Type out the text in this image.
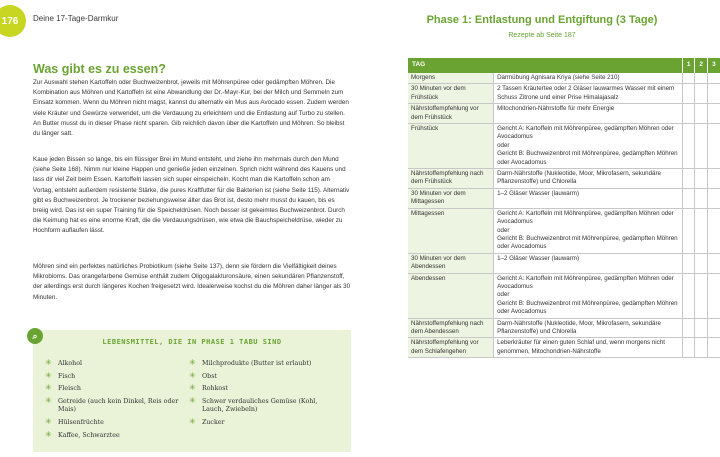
176	Deine 17-Tage-Darmkur
Was gibt es zu essen?

Zur Auswahl stehen Kartoffeln oder Buchweizenbrot, jeweils mit Möhrenpüree oder gedämpften Möhren. Die Kombination aus Möhren und Kartoffeln ist eine Abwandlung der Dr.-Mayr-Kur, bei der Milch und Semmeln zum Einsatz kommen. Wenn du Möhren nicht magst, kannst du alternativ ein Mus aus Avocado essen. Zudem werden viele Kräuter und Gewürze verwendet, um die Verdauung zu erleichtern und die Entlastung auf Turbo zu stellen. An Butter musst du in dieser Phase nicht sparen. Gib reichlich davon über die Kartoffeln und Möhren. So bleibst du länger satt.

Kaue jeden Bissen so lange, bis ein flüssiger Brei im Mund entsteht, und ziehe ihn mehrmals durch den Mund (siehe Seite 168). Nimm nur kleine Happen und genieße jeden einzelnen. Sprich nicht während des Kauens und lass dir viel Zeit beim Essen. Kartoffeln lassen sich super einspeicheln. Kocht man die Kartoffeln schon am Vortag, entsteht außerdem resistente Stärke, die pures Kraftfutter für die Bakterien ist (siehe Seite 115). Alternativ gibt es Buchweizenbrot. Je trockener beziehungsweise älter das Brot ist, desto mehr musst du kauen, bis es breiig wird. Das ist ein super Training für die Speicheldrüsen. Noch besser ist gekeimtes Buchweizenbrot. Durch die Keimung hat es eine enorme Kraft, die die Verdauungsdrüsen, wie etwa die Bauchspeicheldrüse, wieder zu Hochform auflaufen lässt.

Möhren sind ein perfektes natürliches Probiotikum (siehe Seite 137), denn sie fördern die Vielfältigkeit deines Mikrobioms. Das orangefarbene Gemüse enthält zudem Oligogalakturonsäure, einen sekundären Pflanzenstoff, der allerdings erst durch längeres Kochen freigesetzt wird. Idealerweise kochst du die Möhren daher länger als 30 Minuten.

⌕
LEBENSMITTEL, DIE IN PHASE 1 TABU SIND
✳ Alkohol
✳ Fisch
✳ Fleisch
✳ Getreide (auch kein Dinkel, Reis oder Mais)
✳ Hülsenfrüchte
✳ Kaffee, Schwarztee
✳ Milchprodukte (Butter ist erlaubt)
✳ Obst
✳ Rohkost
✳ Schwer verdauliches Gemüse (Kohl, Lauch, Zwiebeln)
✳ Zucker
Phase 1: Entlastung und Entgiftung (3 Tage)
Rezepte ab Seite 187
TAG		1	2	3
Morgens	Darmübung Agnisara Kriya (siehe Seite 210)			
30 Minuten vor dem Frühstück	2 Tassen Kräutertee oder 2 Gläser lauwarmes Wasser mit einem Schuss Zitrone und einer Prise Himalajasalz			
Nährstoffempfehlung vor dem Frühstück	Mitochondrien-Nährstoffe für mehr Energie			
Frühstück	Gericht A: Kartoffeln mit Möhrenpüree, gedämpften Möhren oder Avocadomus
oder
Gericht B: Buchweizenbrot mit Möhrenpüree, gedämpften Möhren oder Avocadomus			
Nährstoffempfehlung nach dem Frühstück	Darm-Nährstoffe (Nukleotide, Moor, Mikrofasern, sekundäre Pflanzenstoffe) und Chlorella			
30 Minuten vor dem Mittagessen	1–2 Gläser Wasser (lauwarm)			
Mittagessen	Gericht A: Kartoffeln mit Möhrenpüree, gedämpften Möhren oder Avocadomus
oder
Gericht B: Buchweizenbrot mit Möhrenpüree, gedämpften Möhren oder Avocadomus			
30 Minuten vor dem Abendessen	1–2 Gläser Wasser (lauwarm)			
Abendessen	Gericht A: Kartoffeln mit Möhrenpüree, gedämpften Möhren oder Avocadomus
oder
Gericht B: Buchweizenbrot mit Möhrenpüree, gedämpften Möhren oder Avocadomus			
Nährstoffempfehlung nach dem Abendessen	Darm-Nährstoffe (Nukleotide, Moor, Mikrofasern, sekundäre Pflanzenstoffe) und Chlorella			
Nährstoffempfehlung vor dem Schlafengehen	Leberkräuter für einen guten Schlaf und, wenn morgens nicht genommen, Mitochondrien-Nährstoffe			
